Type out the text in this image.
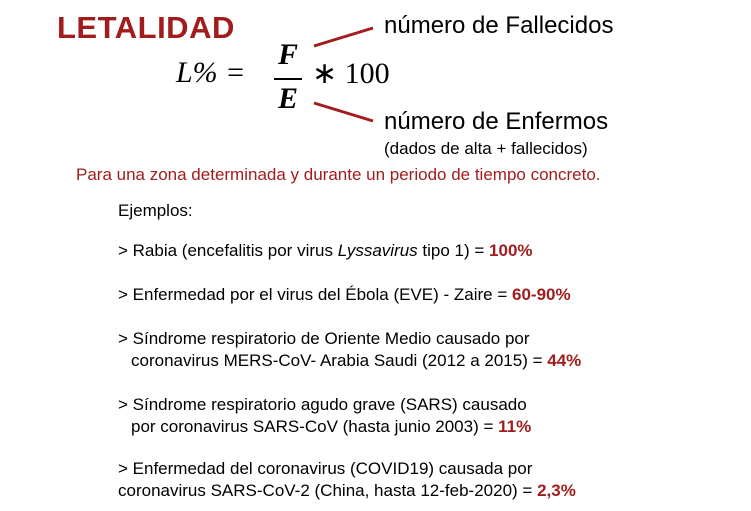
LETALIDAD
L% =
F
E
∗ 100
número de Fallecidos
número de Enfermos
(dados de alta + fallecidos)
Para una zona determinada y durante un periodo de tiempo concreto.
Ejemplos:
> Rabia (encefalitis por virus Lyssavirus tipo 1) = 100%
> Enfermedad por el virus del Ébola (EVE) - Zaire = 60-90%
> Síndrome respiratorio de Oriente Medio causado por
coronavirus MERS-CoV- Arabia Saudi (2012 a 2015) = 44%
> Síndrome respiratorio agudo grave (SARS) causado
por coronavirus SARS-CoV (hasta junio 2003) = 11%
> Enfermedad del coronavirus (COVID19) causada por
coronavirus SARS-CoV-2 (China, hasta 12-feb-2020) = 2,3%
